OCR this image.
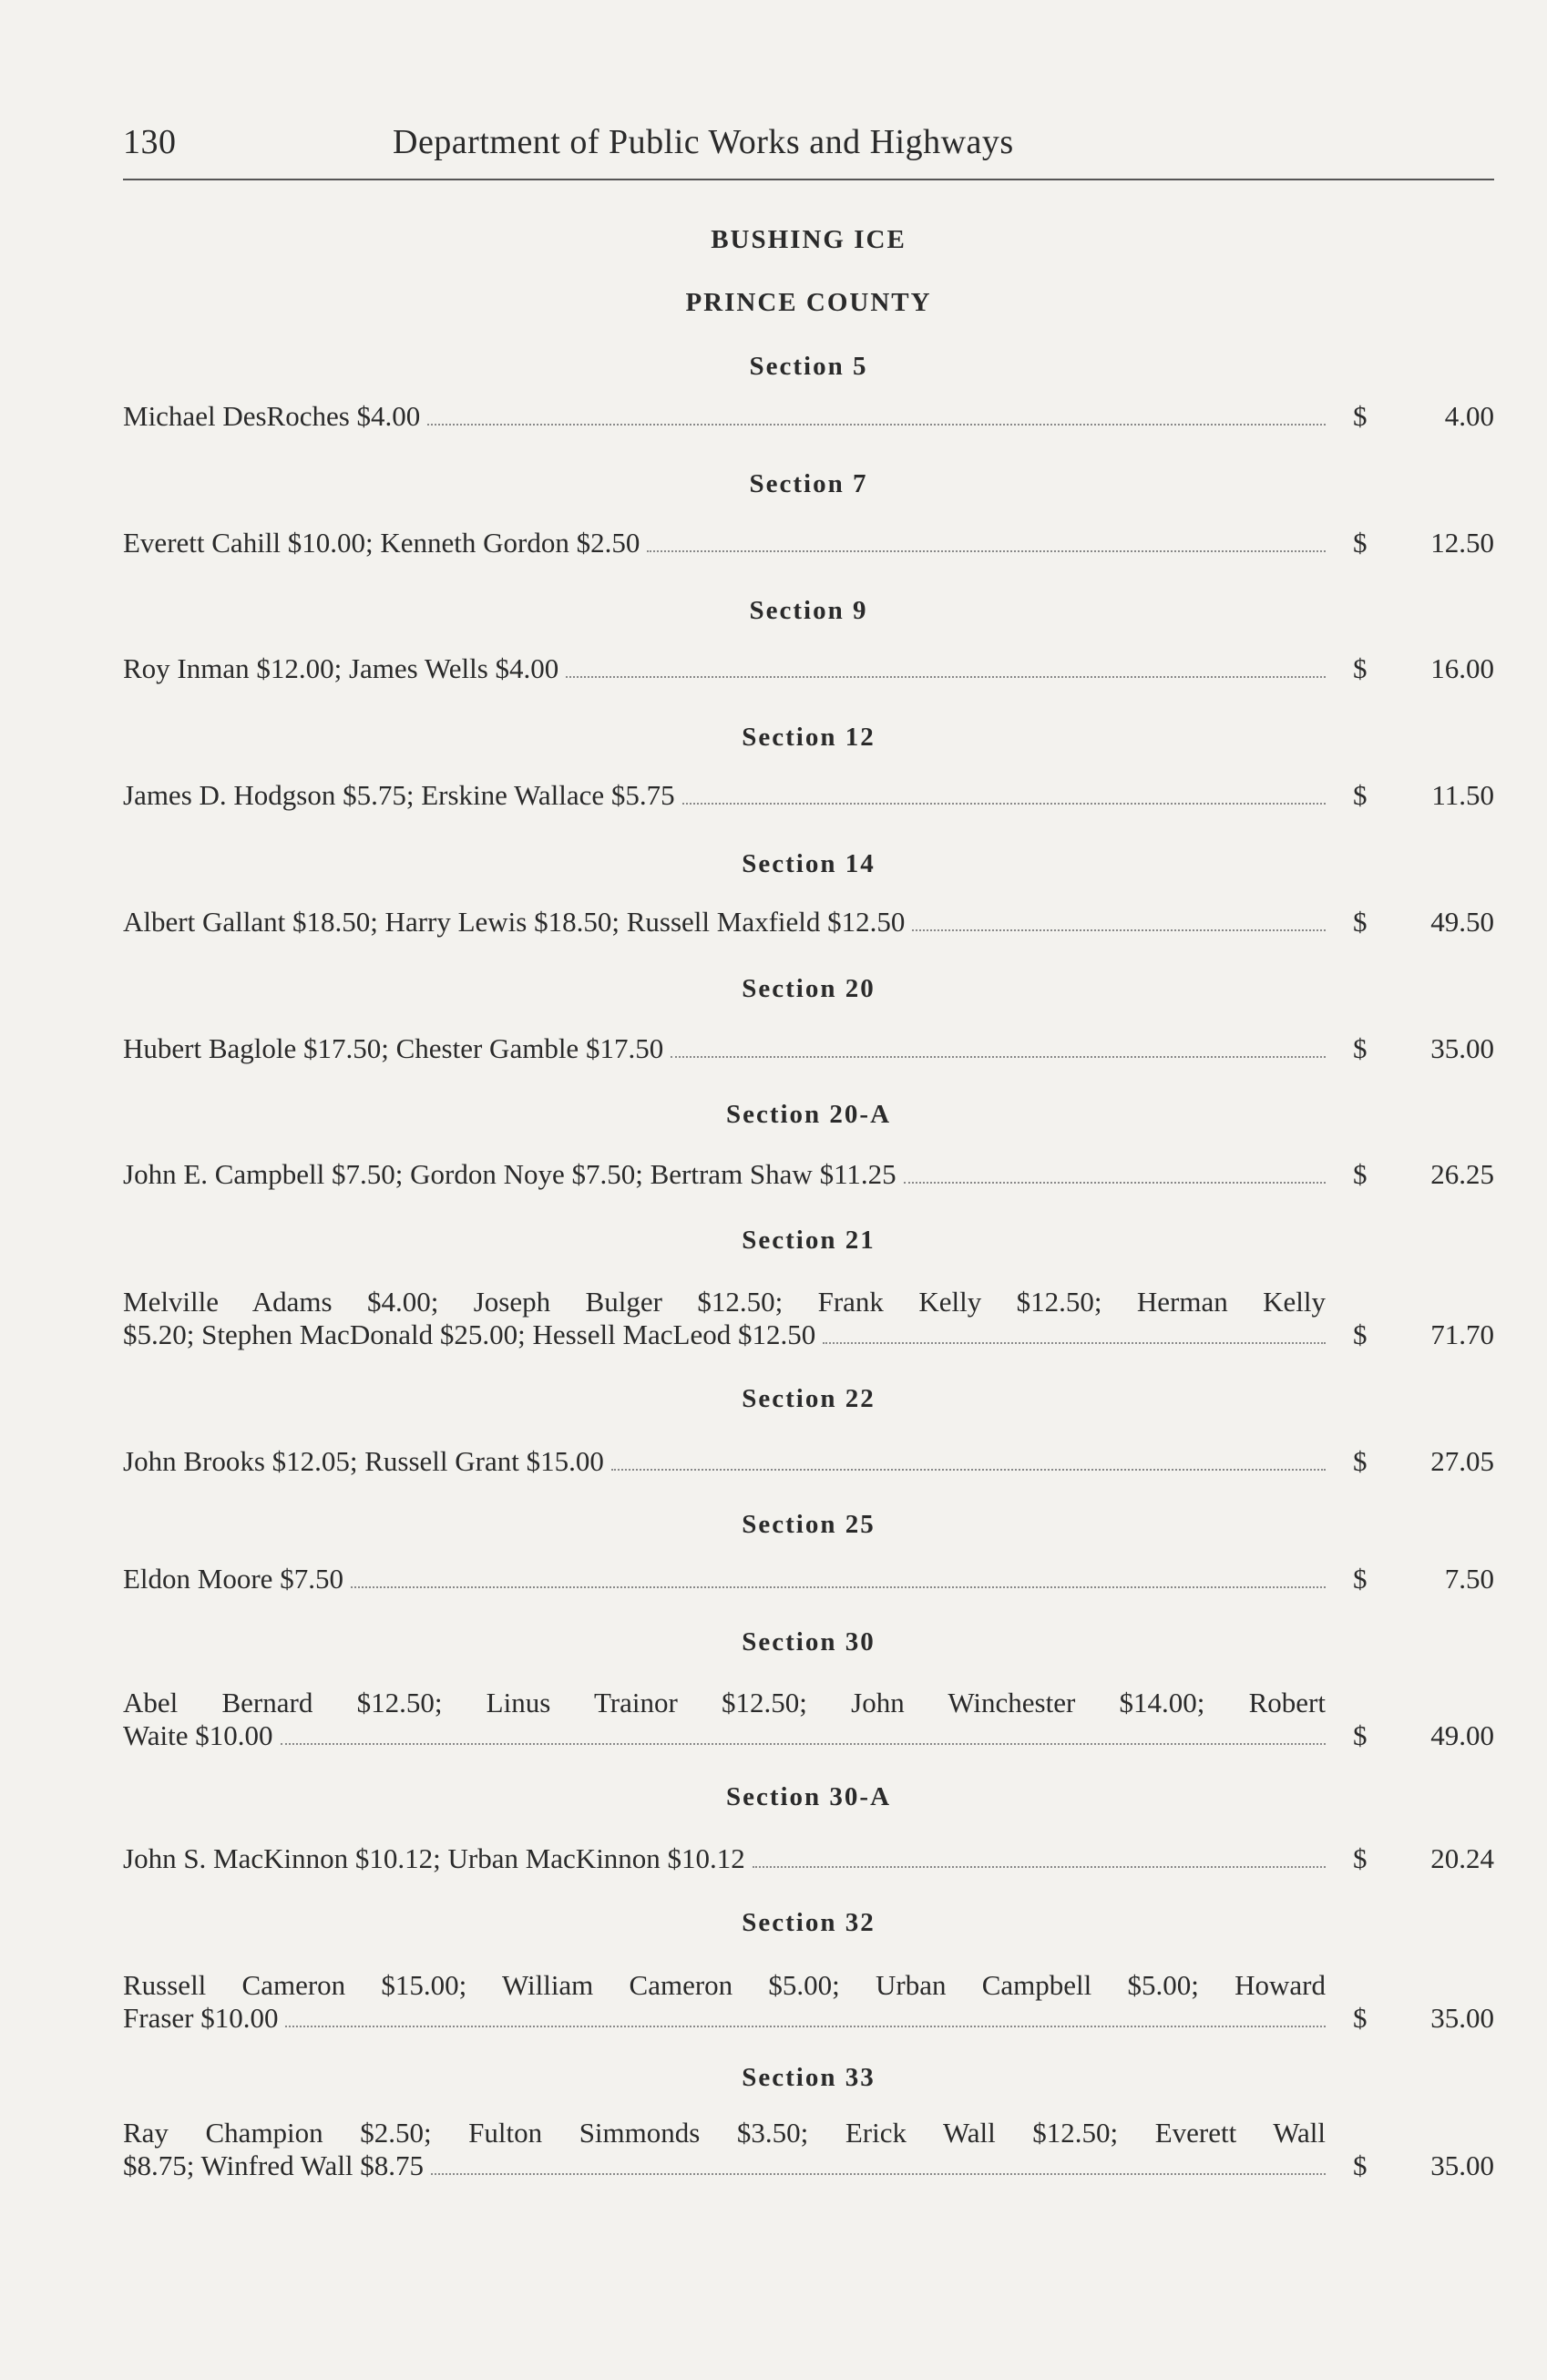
130	Department of Public Works and Highways
BUSHING ICE
PRINCE COUNTY
Section 5
Michael DesRoches $4.00	$	4.00
Section 7
Everett Cahill $10.00; Kenneth Gordon $2.50	$ 12.50
Section 9
Roy Inman $12.00; James Wells $4.00	$ 16.00
Section 12
James D. Hodgson $5.75; Erskine Wallace $5.75	$ 11.50
Section 14
Albert Gallant $18.50; Harry Lewis $18.50; Russell Maxfield $12.50	$ 49.50
Section 20
Hubert Baglole $17.50; Chester Gamble $17.50	$ 35.00
Section 20-A
John E. Campbell $7.50; Gordon Noye $7.50; Bertram Shaw $11.25	$ 26.25
Section 21
Melville Adams $4.00; Joseph Bulger $12.50; Frank Kelly $12.50; Herman Kelly
$5.20; Stephen MacDonald $25.00; Hessell MacLeod $12.50	$ 71.70
Section 22
John Brooks $12.05; Russell Grant $15.00	$ 27.05
Section 25
Eldon Moore $7.50	$	7.50
Section 30
Abel Bernard $12.50; Linus Trainor $12.50; John Winchester $14.00; Robert
Waite $10.00	$ 49.00
Section 30-A
John S. MacKinnon $10.12; Urban MacKinnon $10.12	$ 20.24
Section 32
Russell Cameron $15.00; William Cameron $5.00; Urban Campbell $5.00; Howard
Fraser $10.00	$ 35.00
Section 33
Ray Champion $2.50; Fulton Simmonds $3.50; Erick Wall $12.50; Everett Wall
$8.75; Winfred Wall $8.75	$ 35.00
